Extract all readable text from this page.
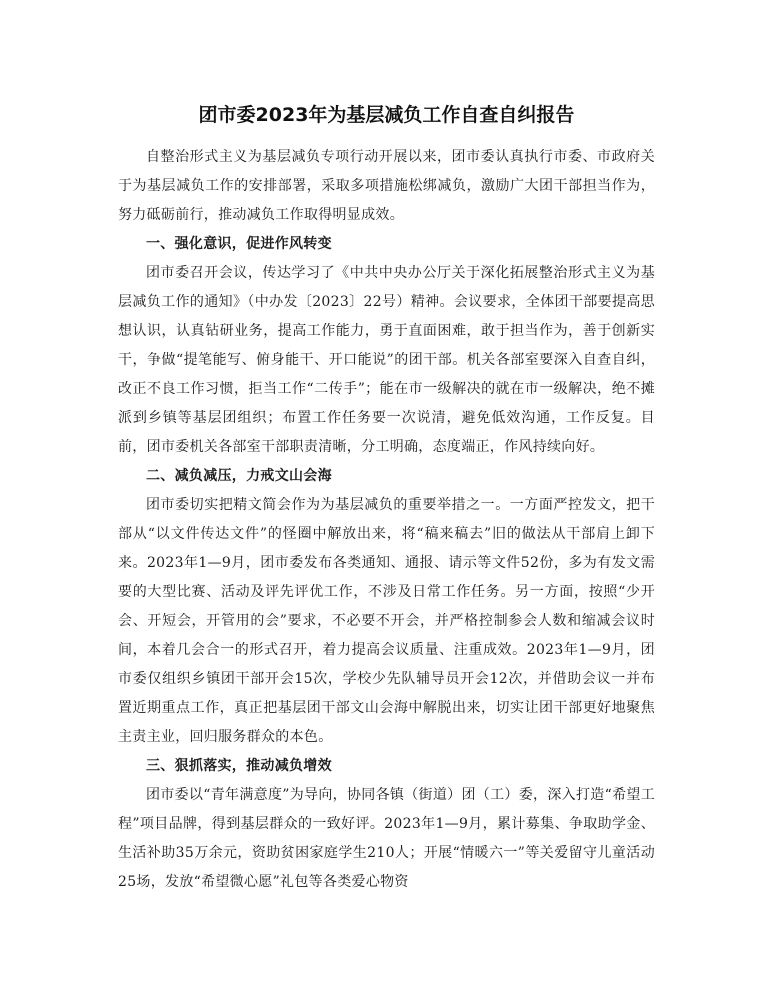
团市委2023年为基层减负工作自查自纠报告

自整治形式主义为基层减负专项行动开展以来，团市委认真执行市委、市政府关于为基层减负工作的安排部署，采取多项措施松绑减负，激励广大团干部担当作为，努力砥砺前行，推动减负工作取得明显成效。

一、强化意识，促进作风转变

团市委召开会议，传达学习了《中共中央办公厅关于深化拓展整治形式主义为基层减负工作的通知》（中办发〔2023〕22号）精神。会议要求，全体团干部要提高思想认识，认真钻研业务，提高工作能力，勇于直面困难，敢于担当作为，善于创新实干，争做“提笔能写、俯身能干、开口能说”的团干部。机关各部室要深入自查自纠，改正不良工作习惯，拒当工作“二传手”；能在市一级解决的就在市一级解决，绝不摊派到乡镇等基层团组织；布置工作任务要一次说清，避免低效沟通，工作反复。目前，团市委机关各部室干部职责清晰，分工明确，态度端正，作风持续向好。

二、减负减压，力戒文山会海

团市委切实把精文简会作为为基层减负的重要举措之一。一方面严控发文，把干部从“以文件传达文件”的怪圈中解放出来，将“稿来稿去”旧的做法从干部肩上卸下来。2023年1—9月，团市委发布各类通知、通报、请示等文件52份，多为有发文需要的大型比赛、活动及评先评优工作，不涉及日常工作任务。另一方面，按照“少开会、开短会，开管用的会”要求，不必要不开会，并严格控制参会人数和缩减会议时间，本着几会合一的形式召开，着力提高会议质量、注重成效。2023年1—9月，团市委仅组织乡镇团干部开会15次，学校少先队辅导员开会12次，并借助会议一并布置近期重点工作，真正把基层团干部文山会海中解脱出来，切实让团干部更好地聚焦主责主业，回归服务群众的本色。

三、狠抓落实，推动减负增效

团市委以“青年满意度”为导向，协同各镇（街道）团（工）委，深入打造“希望工程”项目品牌，得到基层群众的一致好评。2023年1—9月，累计募集、争取助学金、生活补助35万余元，资助贫困家庭学生210人；开展“情暖六一”等关爱留守儿童活动25场，发放“希望微心愿”礼包等各类爱心物资
